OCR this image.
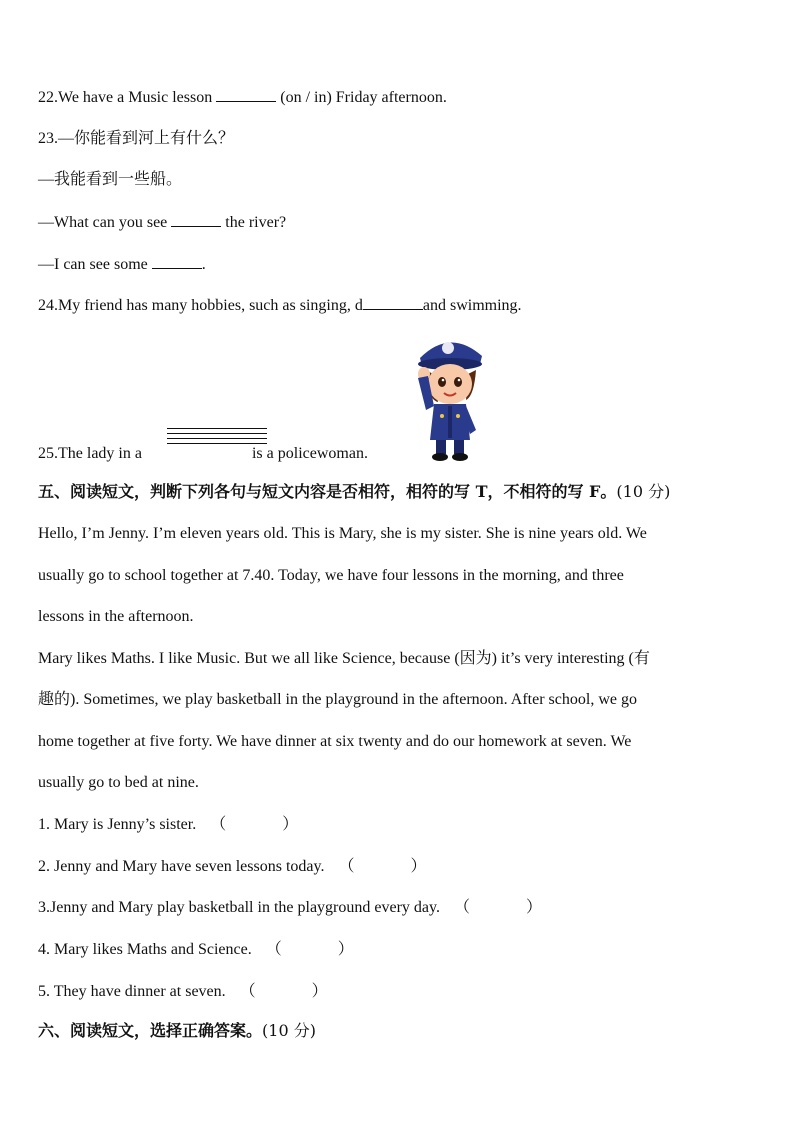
22.We have a Music lesson	(on / in) Friday afternoon.
23.—你能看到河上有什么？
—我能看到一些船。
—What can you see	the river?
—I can see some	.
24.My friend has many hobbies, such as singing, d	and swimming.
25.The lady in a	is a policewoman.
五、阅读短文，判断下列各句与短文内容是否相符，相符的写 T，不相符的写 F。(10 分)
Hello, I’m Jenny. I’m eleven years old. This is Mary, she is my sister. She is nine years old. We
usually go to school together at 7.40. Today, we have four lessons in the morning, and three
lessons in the afternoon.
Mary likes Maths. I like Music. But we all like Science, because (因为) it’s very interesting (有
趣的). Sometimes, we play basketball in the playground in the afternoon. After school, we go
home together at five forty. We have dinner at six twenty and do our homework at seven. We
usually go to bed at nine.
1. Mary is Jenny’s sister. （	）
2. Jenny and Mary have seven lessons today. （	）
3.Jenny and Mary play basketball in the playground every day. （	）
4. Mary likes Maths and Science. （	）
5. They have dinner at seven. （	）
六、阅读短文，选择正确答案。(10 分)
